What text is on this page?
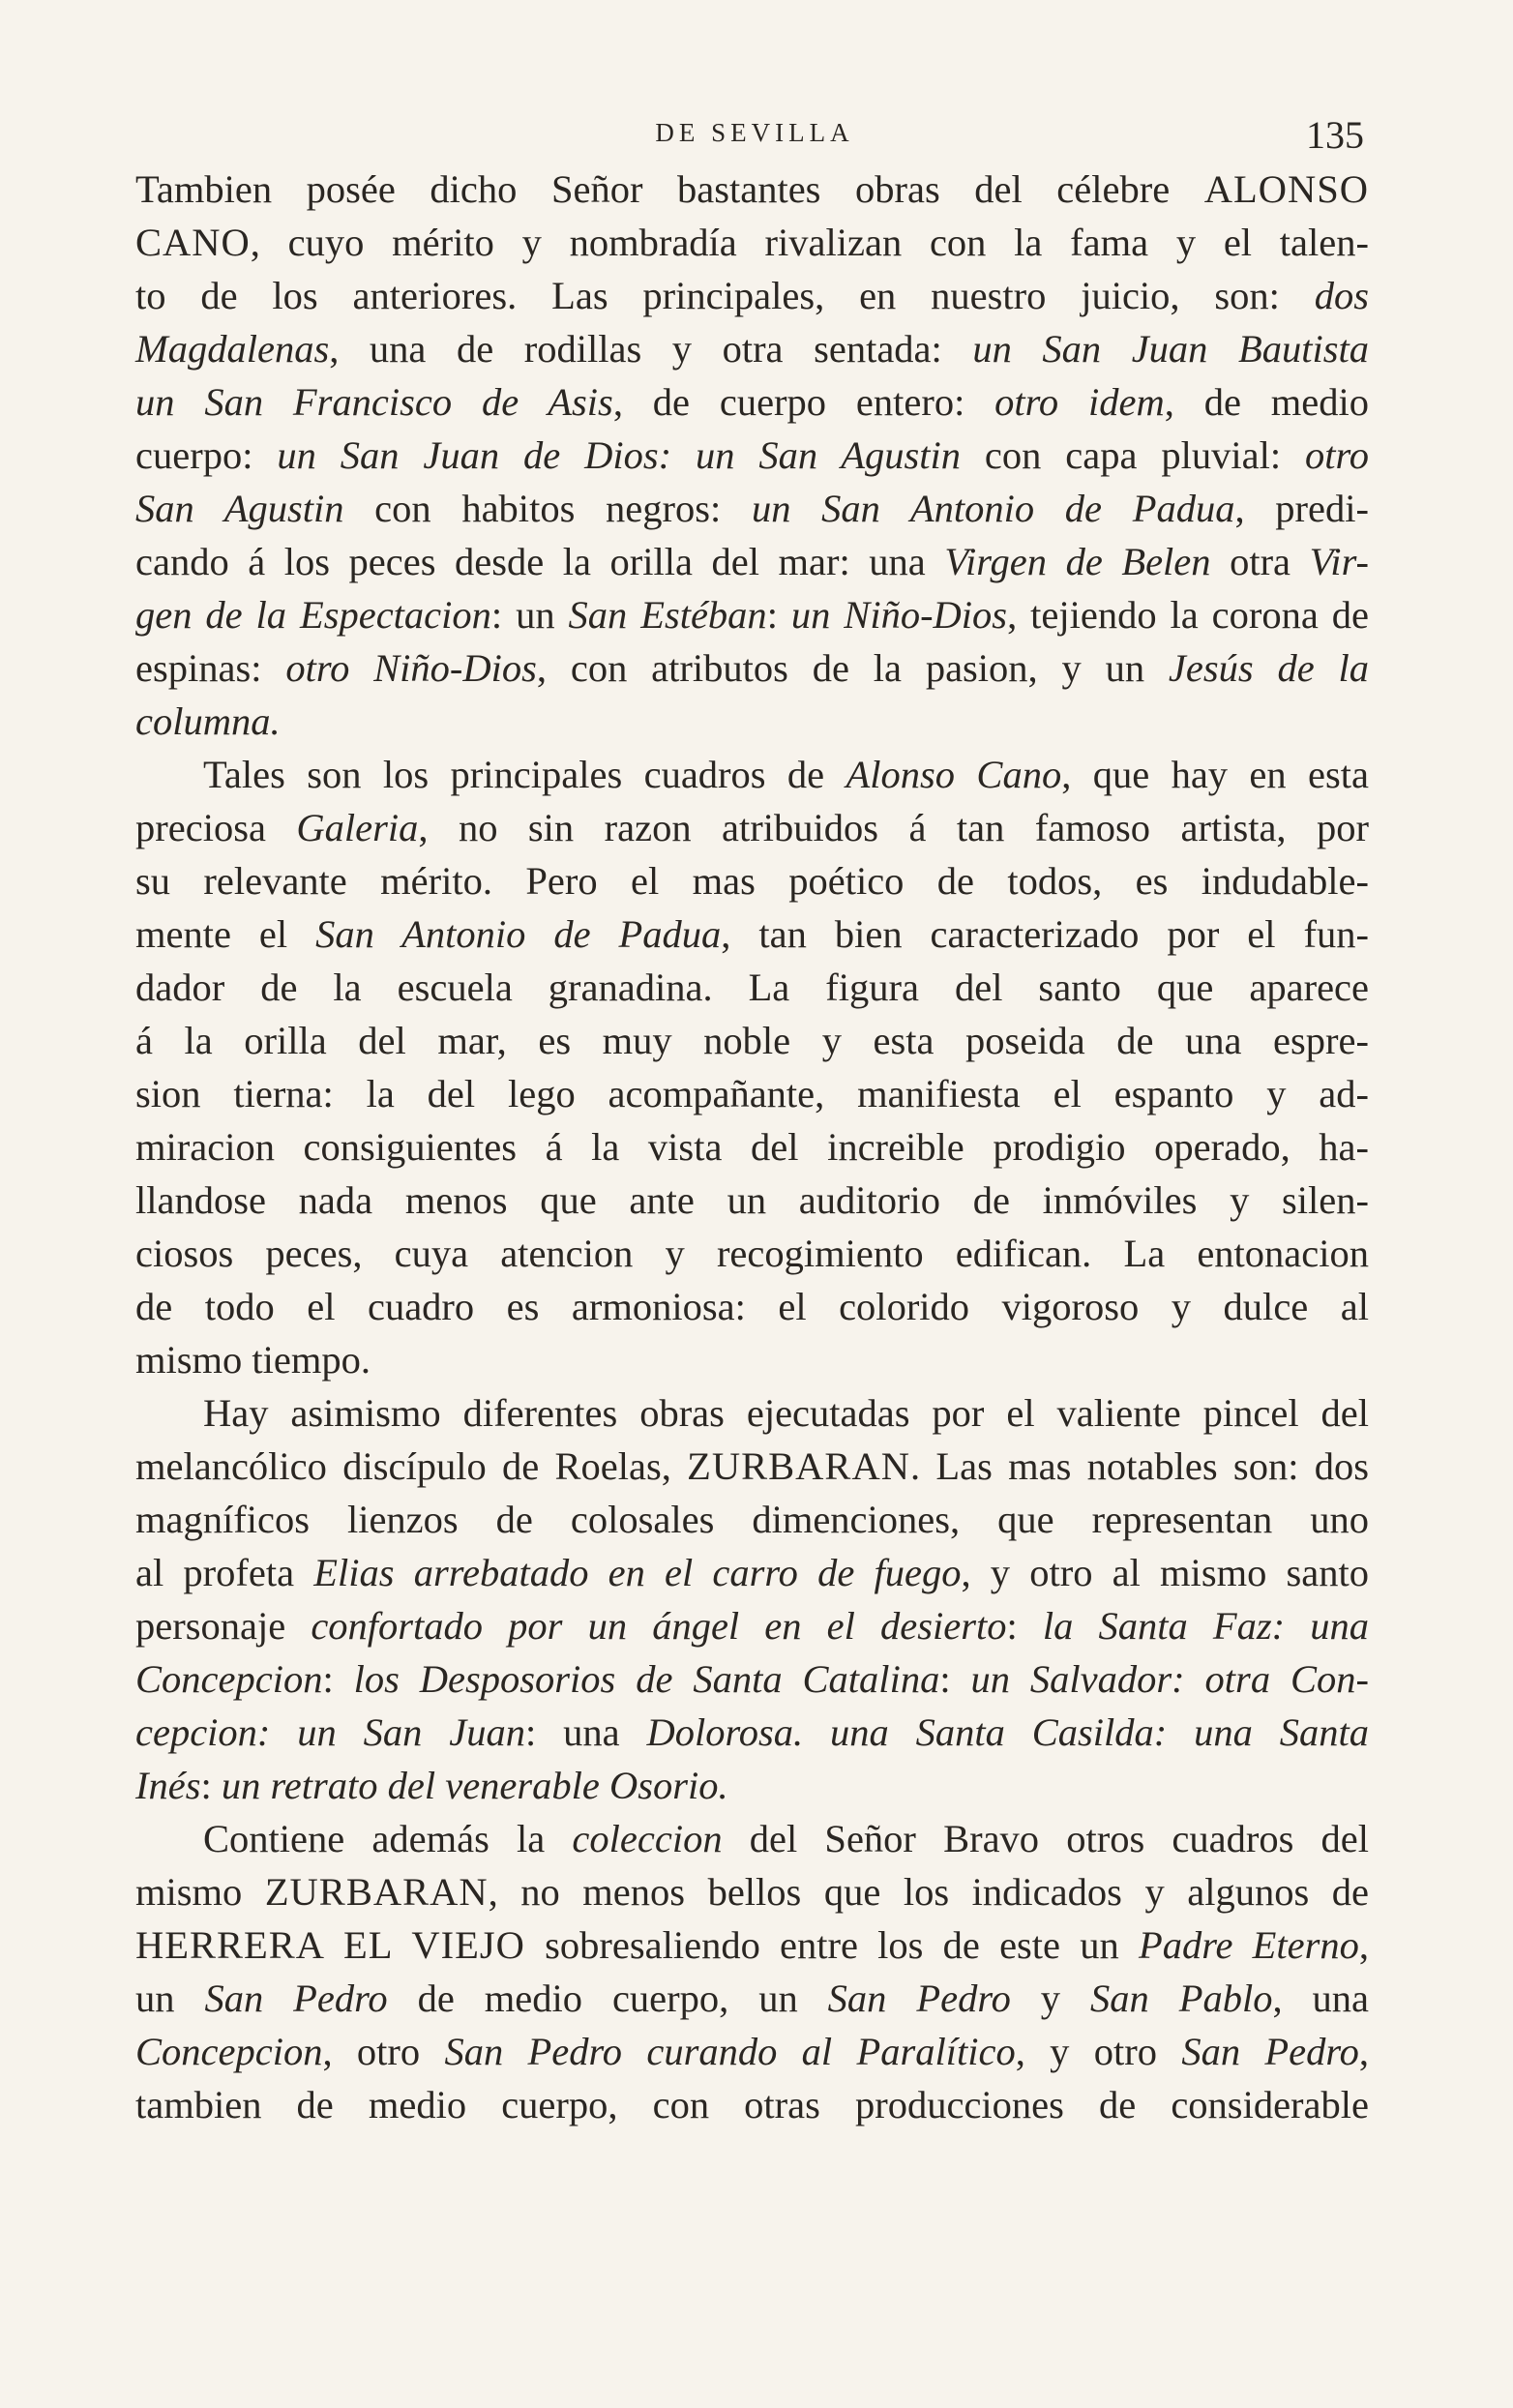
DE SEVILLA	135
Tambien posée dicho Señor bastantes obras del célebre ALONSO
CANO, cuyo mérito y nombradía rivalizan con la fama y el talen-
to de los anteriores. Las principales, en nuestro juicio, son: dos
Magdalenas, una de rodillas y otra sentada: un San Juan Bautista
un San Francisco de Asis, de cuerpo entero: otro idem, de medio
cuerpo: un San Juan de Dios: un San Agustin con capa pluvial: otro
San Agustin con habitos negros: un San Antonio de Padua, predi-
cando á los peces desde la orilla del mar: una Virgen de Belen otra Vir-
gen de la Espectacion: un San Estéban: un Niño-Dios, tejiendo la corona de
espinas: otro Niño-Dios, con atributos de la pasion, y un Jesús de la
columna.
Tales son los principales cuadros de Alonso Cano, que hay en esta
preciosa Galeria, no sin razon atribuidos á tan famoso artista, por
su relevante mérito. Pero el mas poético de todos, es indudable-
mente el San Antonio de Padua, tan bien caracterizado por el fun-
dador de la escuela granadina. La figura del santo que aparece
á la orilla del mar, es muy noble y esta poseida de una espre-
sion tierna: la del lego acompañante, manifiesta el espanto y ad-
miracion consiguientes á la vista del increible prodigio operado, ha-
llandose nada menos que ante un auditorio de inmóviles y silen-
ciosos peces, cuya atencion y recogimiento edifican. La entonacion
de todo el cuadro es armoniosa: el colorido vigoroso y dulce al
mismo tiempo.
Hay asimismo diferentes obras ejecutadas por el valiente pincel del
melancólico discípulo de Roelas, ZURBARAN. Las mas notables son: dos
magníficos lienzos de colosales dimenciones, que representan uno
al profeta Elias arrebatado en el carro de fuego, y otro al mismo santo
personaje confortado por un ángel en el desierto: la Santa Faz: una
Concepcion: los Desposorios de Santa Catalina: un Salvador: otra Con-
cepcion: un San Juan: una Dolorosa. una Santa Casilda: una Santa
Inés: un retrato del venerable Osorio.
Contiene además la coleccion del Señor Bravo otros cuadros del
mismo ZURBARAN, no menos bellos que los indicados y algunos de
HERRERA EL VIEJO sobresaliendo entre los de este un Padre Eterno,
un San Pedro de medio cuerpo, un San Pedro y San Pablo, una
Concepcion, otro San Pedro curando al Paralítico, y otro San Pedro,
tambien de medio cuerpo, con otras producciones de considerable
